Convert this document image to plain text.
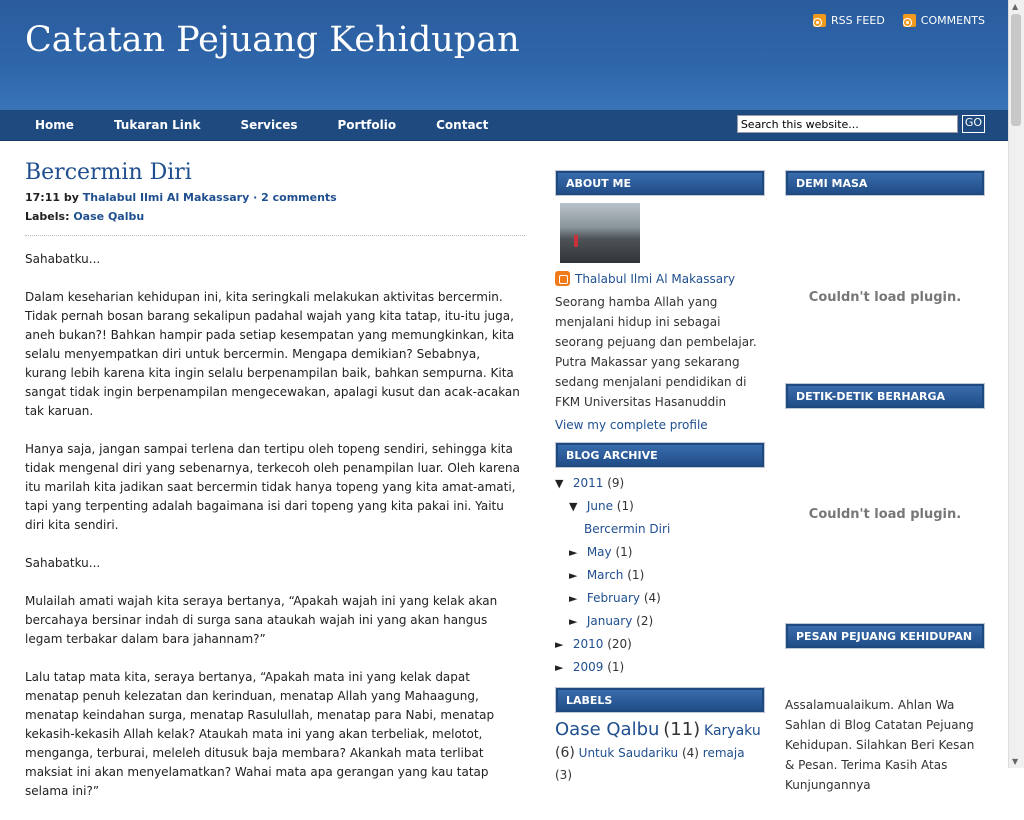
Catatan Pejuang Kehidupan	RSS FEED	COMMENTS
Home	Tukaran Link	Services	Portfolio	Contact
Search this website...	GO
Bercermin Diri
17:11 by Thalabul Ilmi Al Makassary · 2 comments
Labels: Oase Qalbu

Sahabatku...

Dalam keseharian kehidupan ini, kita seringkali melakukan aktivitas bercermin. Tidak pernah bosan barang sekalipun padahal wajah yang kita tatap, itu-itu juga, aneh bukan?! Bahkan hampir pada setiap kesempatan yang memungkinkan, kita selalu menyempatkan diri untuk bercermin. Mengapa demikian? Sebabnya, kurang lebih karena kita ingin selalu berpenampilan baik, bahkan sempurna. Kita sangat tidak ingin berpenampilan mengecewakan, apalagi kusut dan acak-acakan tak karuan.

Hanya saja, jangan sampai terlena dan tertipu oleh topeng sendiri, sehingga kita tidak mengenal diri yang sebenarnya, terkecoh oleh penampilan luar. Oleh karena itu marilah kita jadikan saat bercermin tidak hanya topeng yang kita amat-amati, tapi yang terpenting adalah bagaimana isi dari topeng yang kita pakai ini. Yaitu diri kita sendiri.

Sahabatku...

Mulailah amati wajah kita seraya bertanya, “Apakah wajah ini yang kelak akan bercahaya bersinar indah di surga sana ataukah wajah ini yang akan hangus legam terbakar dalam bara jahannam?”

Lalu tatap mata kita, seraya bertanya, “Apakah mata ini yang kelak dapat menatap penuh kelezatan dan kerinduan, menatap Allah yang Mahaagung, menatap keindahan surga, menatap Rasulullah, menatap para Nabi, menatap kekasih-kekasih Allah kelak? Ataukah mata ini yang akan terbeliak, melotot, menganga, terburai, meleleh ditusuk baja membara? Akankah mata terlibat maksiat ini akan menyelamatkan? Wahai mata apa gerangan yang kau tatap selama ini?”

ABOUT ME
Thalabul Ilmi Al Makassary
Seorang hamba Allah yang menjalani hidup ini sebagai seorang pejuang dan pembelajar. Putra Makassar yang sekarang sedang menjalani pendidikan di FKM Universitas Hasanuddin
View my complete profile
BLOG ARCHIVE
▼ 2011 (9)
▼ June (1)
Bercermin Diri
► May (1)
► March (1)
► February (4)
► January (2)
► 2010 (20)
► 2009 (1)
LABELS
Oase Qalbu (11) Karyaku (6) Untuk Saudariku (4) remaja (3)
DEMI MASA
Couldn't load plugin.
DETIK-DETIK BERHARGA
Couldn't load plugin.
PESAN PEJUANG KEHIDUPAN
Assalamualaikum. Ahlan Wa Sahlan di Blog Catatan Pejuang Kehidupan. Silahkan Beri Kesan & Pesan. Terima Kasih Atas Kunjungannya
▲
▼
